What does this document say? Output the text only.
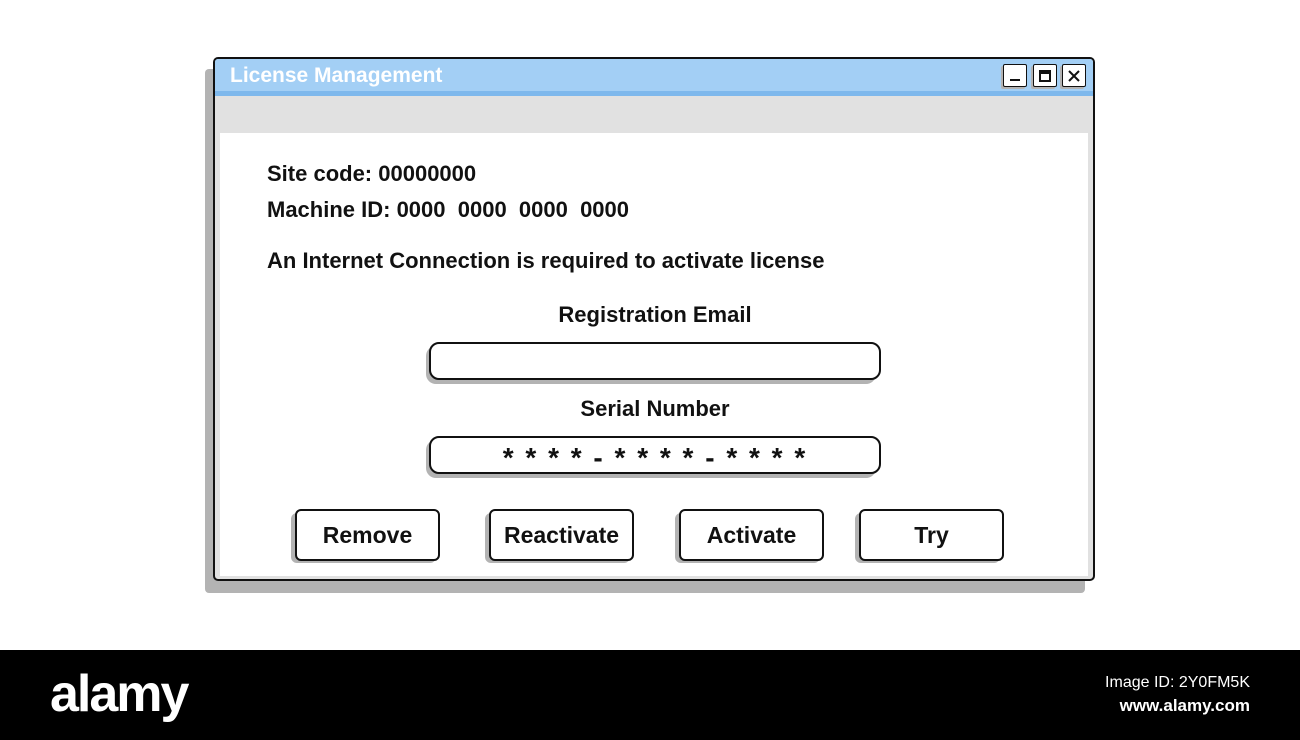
License Management
Site code: 00000000
Machine ID: 0000  0000  0000  0000
An Internet Connection is required to activate license
Registration Email
Serial Number
* * * * - * * * * - * * * *
Remove	Reactivate	Activate	Try
alamy	Image ID: 2Y0FM5K
www.alamy.com
